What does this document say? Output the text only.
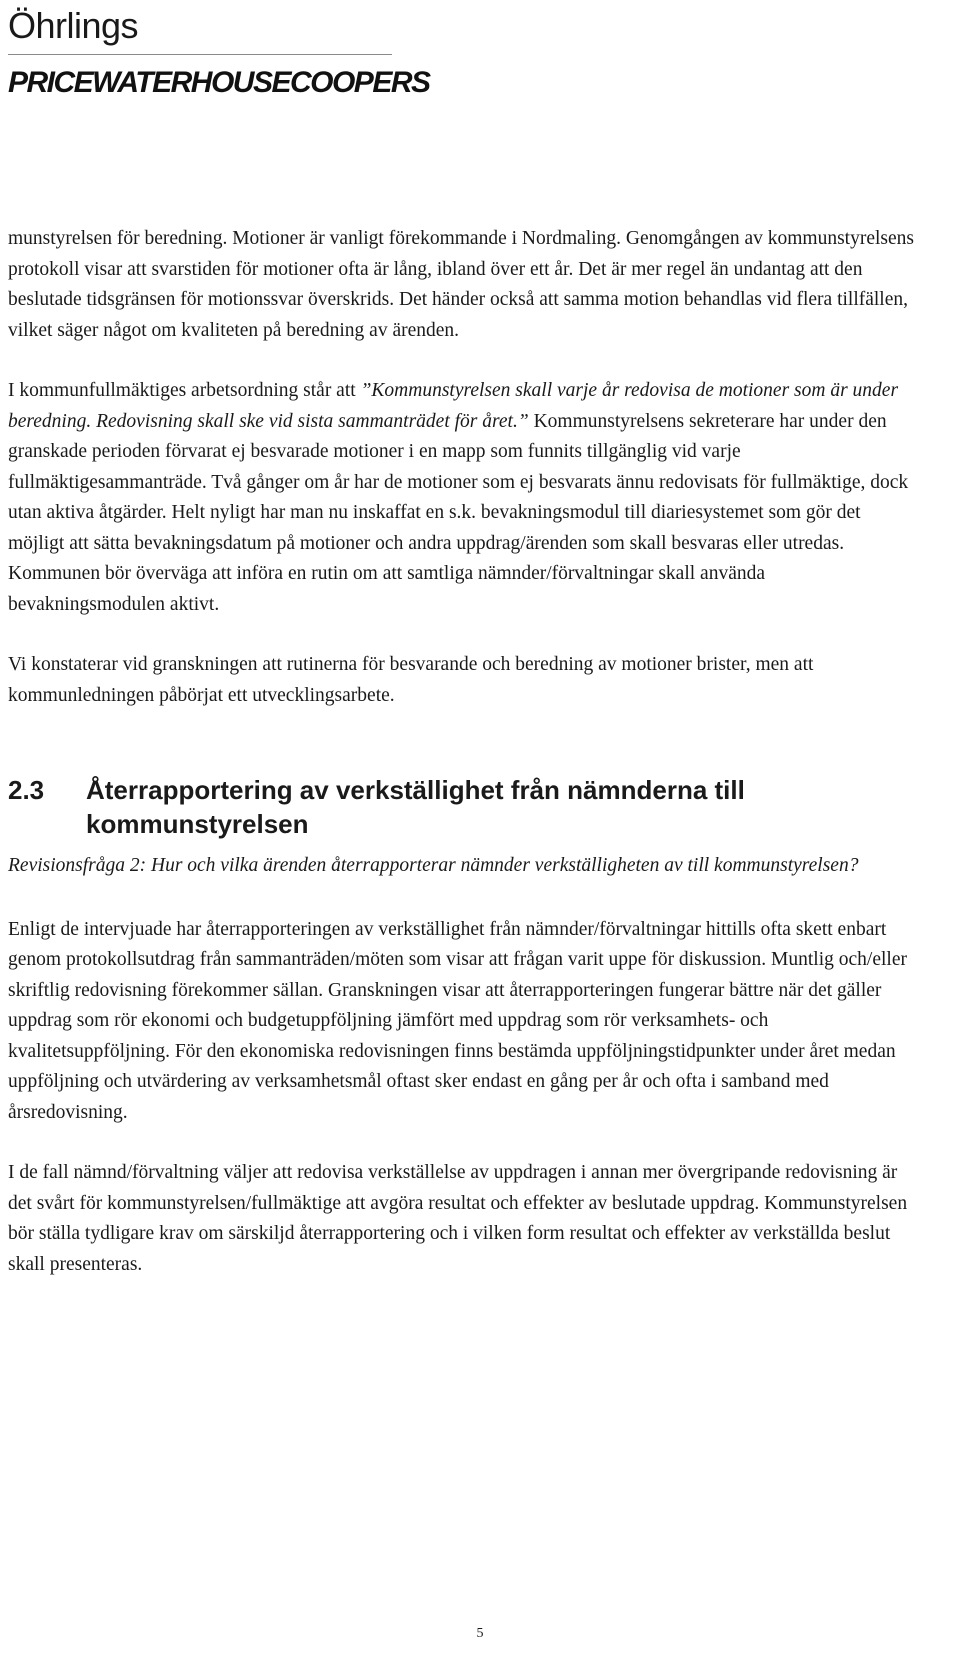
Öhrlings
PRICEWATERHOUSECOOPERS

munstyrelsen för beredning. Motioner är vanligt förekommande i Nordmaling. Genomgången av kommunstyrelsens protokoll visar att svarstiden för motioner ofta är lång, ibland över ett år. Det är mer regel än undantag att den beslutade tidsgränsen för motionssvar överskrids. Det händer också att samma motion behandlas vid flera tillfällen, vilket säger något om kvaliteten på beredning av ärenden.

I kommunfullmäktiges arbetsordning står att ”Kommunstyrelsen skall varje år redovisa de motioner som är under beredning. Redovisning skall ske vid sista sammanträdet för året.” Kommunstyrelsens sekreterare har under den granskade perioden förvarat ej besvarade motioner i en mapp som funnits tillgänglig vid varje fullmäktigesammanträde. Två gånger om år har de motioner som ej besvarats ännu redovisats för fullmäktige, dock utan aktiva åtgärder. Helt nyligt har man nu inskaffat en s.k. bevakningsmodul till diariesystemet som gör det möjligt att sätta bevakningsdatum på motioner och andra uppdrag/ärenden som skall besvaras eller utredas. Kommunen bör överväga att införa en rutin om att samtliga nämnder/förvaltningar skall använda bevakningsmodulen aktivt.

Vi konstaterar vid granskningen att rutinerna för besvarande och beredning av motioner brister, men att kommunledningen påbörjat ett utvecklingsarbete.

2.3	Återrapportering av verkställighet från nämnderna till kommunstyrelsen

Revisionsfråga 2: Hur och vilka ärenden återrapporterar nämnder verkställigheten av till kommunstyrelsen?

Enligt de intervjuade har återrapporteringen av verkställighet från nämnder/förvaltningar hittills ofta skett enbart genom protokollsutdrag från sammanträden/möten som visar att frågan varit uppe för diskussion. Muntlig och/eller skriftlig redovisning förekommer sällan. Granskningen visar att återrapporteringen fungerar bättre när det gäller uppdrag som rör ekonomi och budgetuppföljning jämfört med uppdrag som rör verksamhets- och kvalitetsuppföljning. För den ekonomiska redovisningen finns bestämda uppföljningstidpunkter under året medan uppföljning och utvärdering av verksamhetsmål oftast sker endast en gång per år och ofta i samband med årsredovisning.

I de fall nämnd/förvaltning väljer att redovisa verkställelse av uppdragen i annan mer övergripande redovisning är det svårt för kommunstyrelsen/fullmäktige att avgöra resultat och effekter av beslutade uppdrag. Kommunstyrelsen bör ställa tydligare krav om särskiljd återrapportering och i vilken form resultat och effekter av verkställda beslut skall presenteras.

5
